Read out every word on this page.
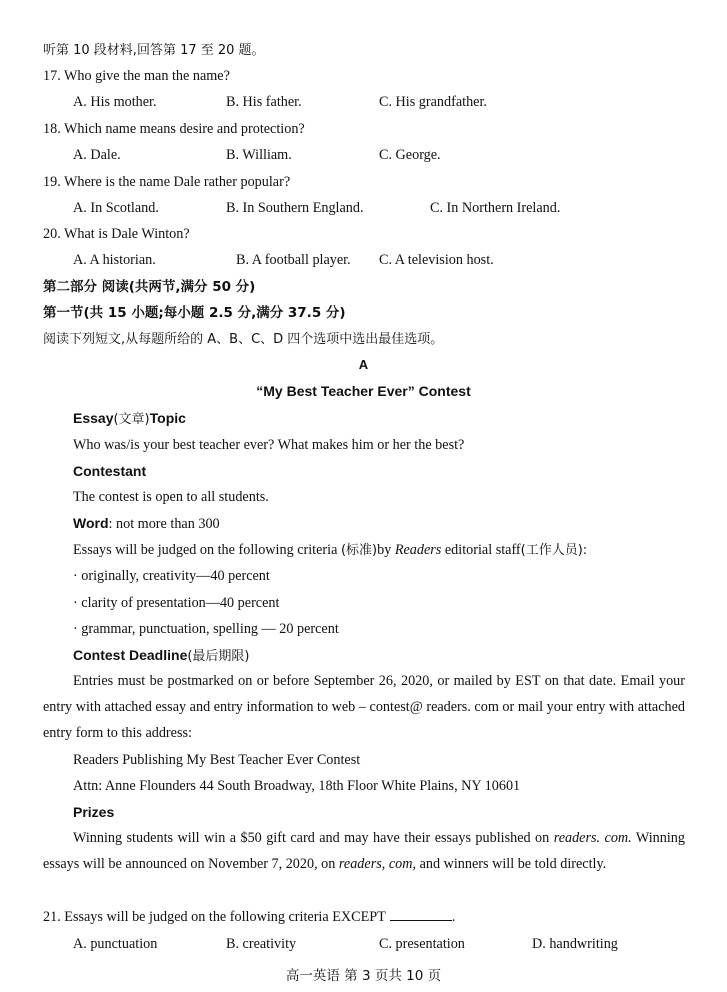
听第 10 段材料,回答第 17 至 20 题。
17. Who give the man the name?
A. His mother.	B. His father.	C. His grandfather.
18. Which name means desire and protection?
A. Dale.	B. William.	C. George.
19. Where is the name Dale rather popular?
A. In Scotland.	B. In Southern England.	C. In Northern Ireland.
20. What is Dale Winton?
A. A historian.	B. A football player. C. A television host.
第二部分 阅读(共两节,满分 50 分)
第一节(共 15 小题;每小题 2.5 分,满分 37.5 分)
阅读下列短文,从每题所给的 A、B、C、D 四个选项中选出最佳选项。
A
“My Best Teacher Ever” Contest
Essay(文章)Topic
Who was/is your best teacher ever? What makes him or her the best?
Contestant
The contest is open to all students.
Word: not more than 300
Essays will be judged on the following criteria (标准)by Readers editorial staff(工作人员):
· originally, creativity—40 percent
· clarity of presentation—40 percent
· grammar, punctuation, spelling — 20 percent
Contest Deadline(最后期限)
Entries must be postmarked on or before September 26, 2020, or mailed by EST on that date. Email your entry with attached essay and entry information to web – contest@ readers. com or mail your entry with attached entry form to this address:
Readers Publishing My Best Teacher Ever Contest
Attn: Anne Flounders 44 South Broadway, 18th Floor White Plains, NY 10601
Prizes
Winning students will win a $50 gift card and may have their essays published on readers. com. Winning essays will be announced on November 7, 2020, on readers, com, and winners will be told directly.
21. Essays will be judged on the following criteria EXCEPT	.
A. punctuation	B. creativity	C. presentation	D. handwriting
高一英语 第 3 页共 10 页
